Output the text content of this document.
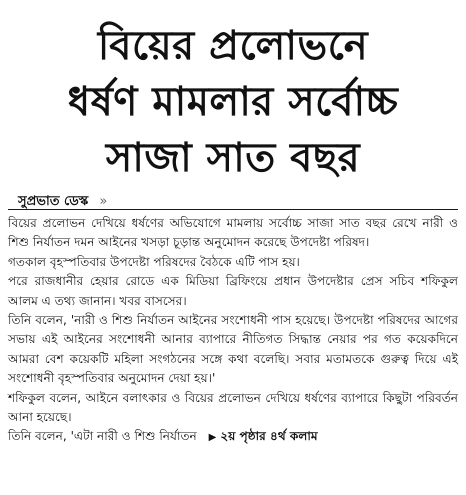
বিয়ের প্রলোভনে
ধর্ষণ মামলার সর্বোচ্চ
সাজা সাত বছর
সুপ্রভাত ডেস্ক »

বিয়ের প্রলোভন দেখিয়ে ধর্ষণের অভিযোগে মামলায় সর্বোচ্চ সাজা সাত বছর রেখে নারী ও শিশু নির্যাতন দমন আইনের খসড়া চূড়ান্ত অনুমোদন করেছে উপদেষ্টা পরিষদ।

গতকাল বৃহস্পতিবার উপদেষ্টা পরিষদের বৈঠকে এটি পাস হয়।

পরে রাজধানীর হেয়ার রোডে এক মিডিয়া ব্রিফিংয়ে প্রধান উপদেষ্টার প্রেস সচিব শফিকুল আলম এ তথ্য জানান। খবর বাসসের।

তিনি বলেন, 'নারী ও শিশু নির্যাতন আইনের সংশোধনী পাস হয়েছে। উপদেষ্টা পরিষদের আগের সভায় এই আইনের সংশোধনী আনার ব্যাপারে নীতিগত সিদ্ধান্ত নেয়ার পর গত কয়েকদিনে আমরা বেশ কয়েকটি মহিলা সংগঠনের সঙ্গে কথা বলেছি। সবার মতামতকে গুরুত্ব দিয়ে এই সংশোধনী বৃহস্পতিবার অনুমোদন দেয়া হয়।'

শফিকুল বলেন, আইনে বলাৎকার ও বিয়ের প্রলোভন দেখিয়ে ধর্ষণের ব্যাপারে কিছুটা পরিবর্তন আনা হয়েছে।

তিনি বলেন, 'এটা নারী ও শিশু নির্যাতন ▶ ২য় পৃষ্ঠার ৪র্থ কলাম
